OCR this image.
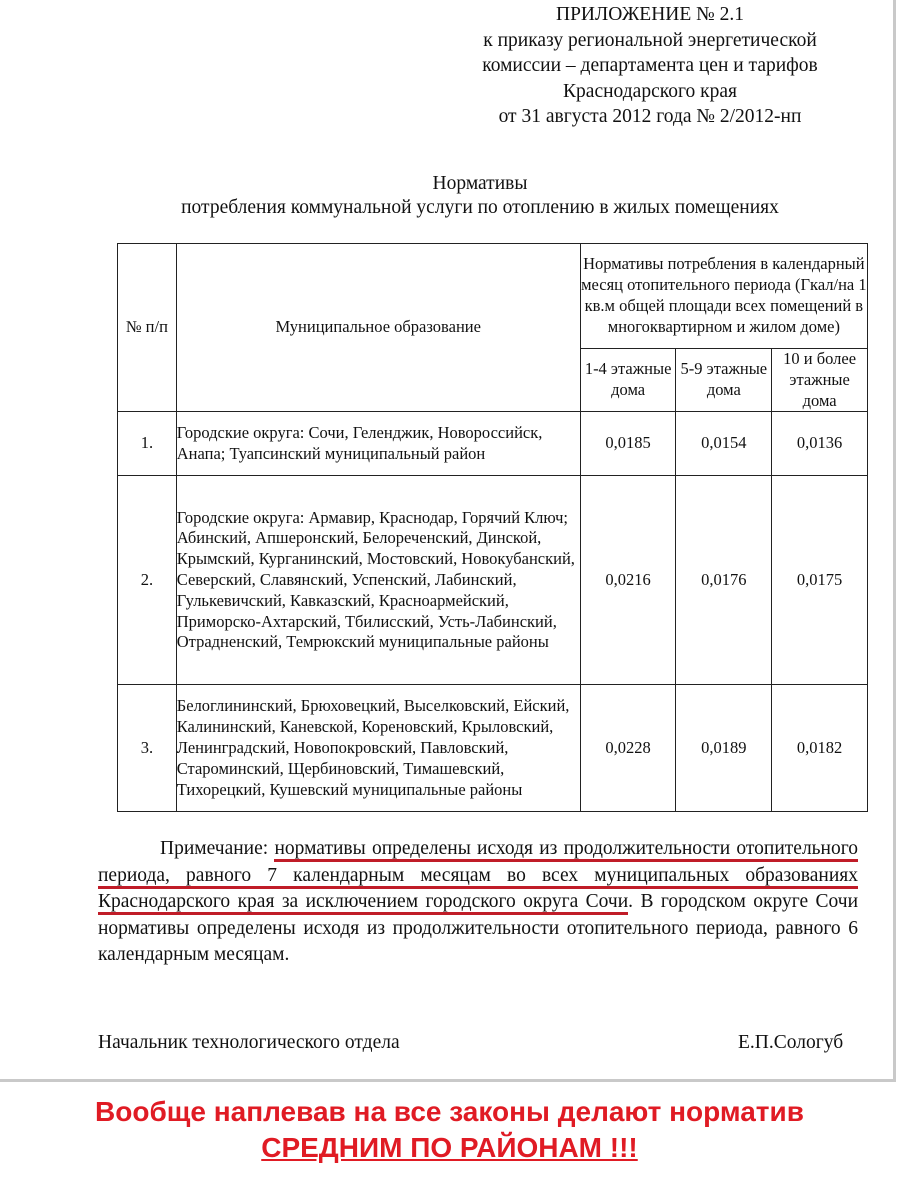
ПРИЛОЖЕНИЕ № 2.1
к приказу региональной энергетической
комиссии – департамента цен и тарифов
Краснодарского края
от 31 августа 2012 года № 2/2012-нп
Нормативы
потребления коммунальной услуги по отоплению в жилых помещениях
№ п/п	Муниципальное образование	Нормативы потребления в календарный месяц отопительного периода (Гкал/на 1 кв.м общей площади всех помещений в многоквартирном и жилом доме)		
		1-4 этажные дома	5-9 этажные дома	10 и более этажные дома
1.	Городские округа: Сочи, Геленджик, Новороссийск, Анапа; Туапсинский муниципальный район	0,0185	0,0154	0,0136
2.	Городские округа: Армавир, Краснодар, Горячий Ключ; Абинский, Апшеронский, Белореченский, Динской, Крымский, Курганинский, Мостовский, Новокубанский, Северский, Славянский, Успенский, Лабинский, Гулькевичский, Кавказский, Красноармейский, Приморско-Ахтарский, Тбилисский, Усть-Лабинский, Отрадненский, Темрюкский муниципальные районы	0,0216	0,0176	0,0175
3.	Белоглининский, Брюховецкий, Выселковский, Ейский, Калининский, Каневской, Кореновский, Крыловский, Ленинградский, Новопокровский, Павловский, Староминский, Щербиновский, Тимашевский, Тихорецкий, Кушевский муниципальные районы	0,0228	0,0189	0,0182
Примечание: нормативы определены исходя из продолжительности отопительного периода, равного 7 календарным месяцам во всех муниципальных образованиях Краснодарского края за исключением городского округа Сочи. В городском округе Сочи нормативы определены исходя из продолжительности отопительного периода, равного 6 календарным месяцам.
Начальник технологического отдела	Е.П.Сологуб
Вообще наплевав на все законы делают норматив
СРЕДНИМ ПО РАЙОНАМ !!!
